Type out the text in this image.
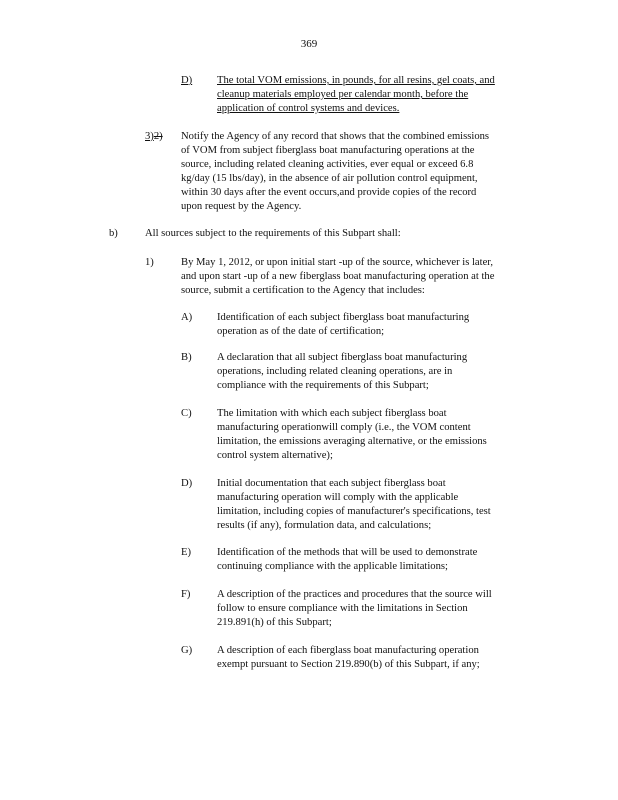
369
D) The total VOM emissions, in pounds, for all resins, gel coats, and
cleanup materials employed per calendar month, before the
application of control systems and devices.
3)2) Notify the Agency of any record that shows that the combined emissions
of VOM from subject fiberglass boat manufacturing operations at the
source, including related cleaning activities, ever equal or exceed 6.8
kg/day (15 lbs/day), in the absence of air pollution control equipment,
within 30 days after the event occurs,and provide copies of the record
upon request by the Agency.
b)	All sources subject to the requirements of this Subpart shall:
1)	By May 1, 2012, or upon initial start -up of the source, whichever is later,
and upon start -up of a new fiberglass boat manufacturing operation at the
source, submit a certification to the Agency that includes:
A) Identification of each subject fiberglass boat manufacturing
operation as of the date of certification;
B) A declaration that all subject fiberglass boat manufacturing
operations, including related cleaning operations, are in
compliance with the requirements of this Subpart;
C) The limitation with which each subject fiberglass boat
manufacturing operationwill comply (i.e., the VOM content
limitation, the emissions averaging alternative, or the emissions
control system alternative);
D) Initial documentation that each subject fiberglass boat
manufacturing operation will comply with the applicable
limitation, including copies of manufacturer's specifications, test
results (if any), formulation data, and calculations;
E) Identification of the methods that will be used to demonstrate
continuing compliance with the applicable limitations;
F)	A description of the practices and procedures that the source will
follow to ensure compliance with the limitations in Section
219.891(h) of this Subpart;
G) A description of each fiberglass boat manufacturing operation
exempt pursuant to Section 219.890(b) of this Subpart, if any;
